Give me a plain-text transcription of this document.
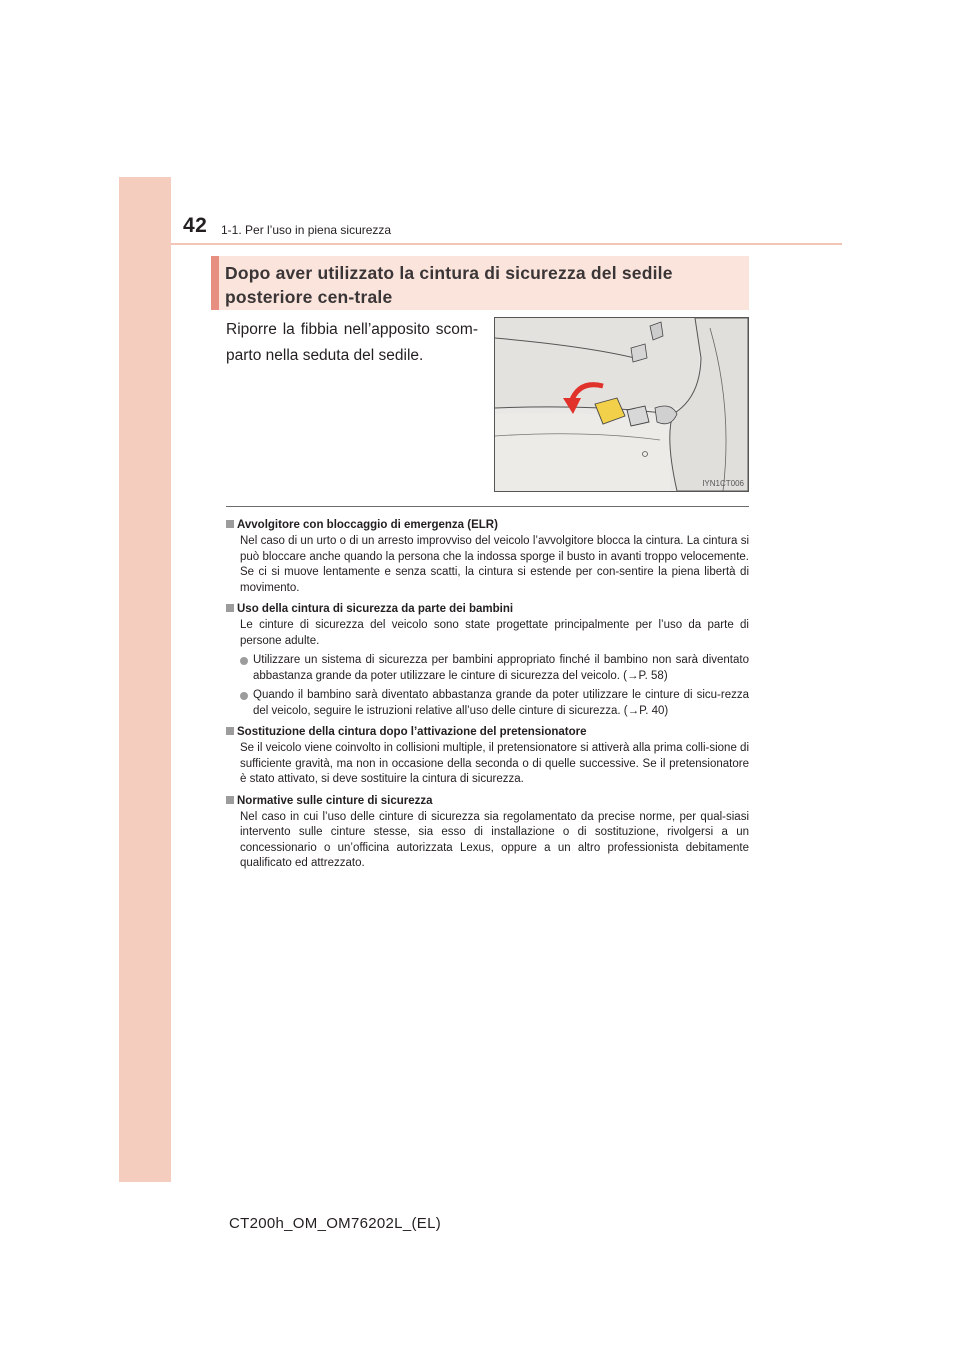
42 1-1. Per l’uso in piena sicurezza
Dopo aver utilizzato la cintura di sicurezza del sedile posteriore cen-trale
Riporre la fibbia nell’apposito scom-parto nella seduta del sedile.
IYN1CT006
Avvolgitore con bloccaggio di emergenza (ELR)
Nel caso di un urto o di un arresto improvviso del veicolo l’avvolgitore blocca la cintura. La cintura si può bloccare anche quando la persona che la indossa sporge il busto in avanti troppo velocemente. Se ci si muove lentamente e senza scatti, la cintura si estende per con-sentire la piena libertà di movimento.
Uso della cintura di sicurezza da parte dei bambini
Le cinture di sicurezza del veicolo sono state progettate principalmente per l’uso da parte di persone adulte.
Utilizzare un sistema di sicurezza per bambini appropriato finché il bambino non sarà diventato abbastanza grande da poter utilizzare le cinture di sicurezza del veicolo. (→P. 58)
Quando il bambino sarà diventato abbastanza grande da poter utilizzare le cinture di sicu-rezza del veicolo, seguire le istruzioni relative all’uso delle cinture di sicurezza. (→P. 40)
Sostituzione della cintura dopo l’attivazione del pretensionatore
Se il veicolo viene coinvolto in collisioni multiple, il pretensionatore si attiverà alla prima colli-sione di sufficiente gravità, ma non in occasione della seconda o di quelle successive. Se il pretensionatore è stato attivato, si deve sostituire la cintura di sicurezza.
Normative sulle cinture di sicurezza
Nel caso in cui l’uso delle cinture di sicurezza sia regolamentato da precise norme, per qual-siasi intervento sulle cinture stesse, sia esso di installazione o di sostituzione, rivolgersi a un concessionario o un’officina autorizzata Lexus, oppure a un altro professionista debitamente qualificato ed attrezzato.
CT200h_OM_OM76202L_(EL)
